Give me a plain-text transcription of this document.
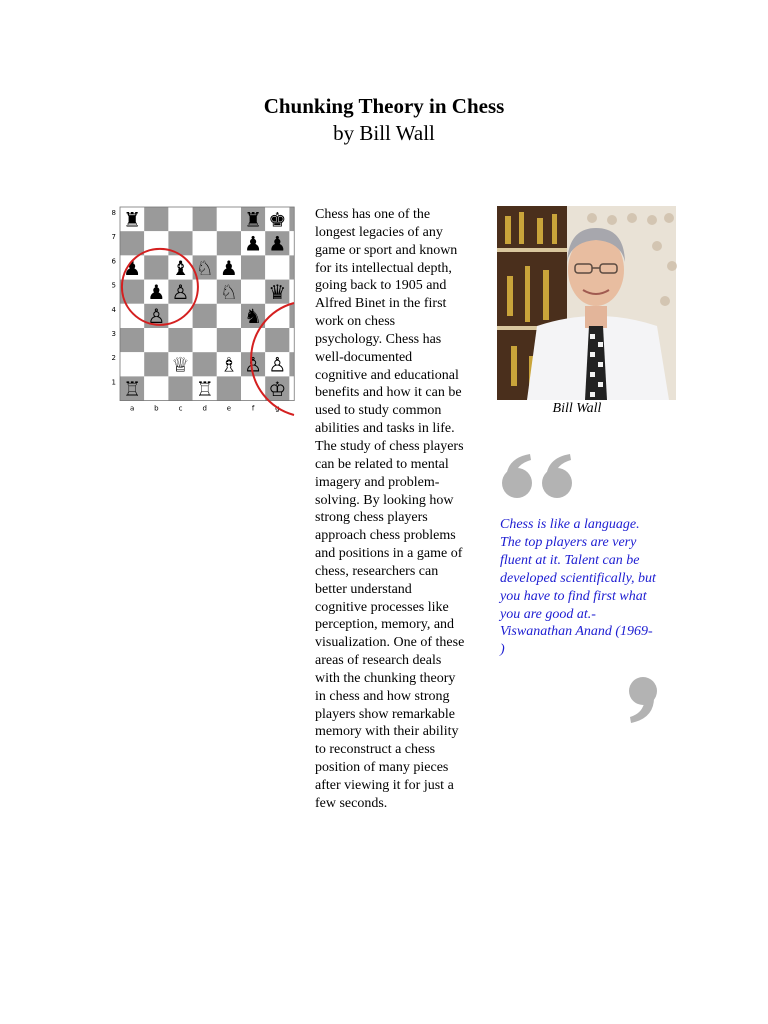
Chunking Theory in Chess
by Bill Wall
8
7
6
5
4
3
2
1
a	b	c	d	e	f	g
♜	♜ ♚
♟ ♟
♟ ♝ ♘ ♟
♟ ♙ ♘ ♛
♙	♞
♕ ♗ ♙ ♙
♖	♖	♔
Chess has one of the longest legacies of any game or sport and known for its intellectual depth, going back to 1905 and Alfred Binet in the first work on chess psychology. Chess has well-documented cognitive and educational benefits and how it can be used to study common abilities and tasks in life. The study of chess players can be related to mental imagery and problem-solving. By looking how strong chess players approach chess problems and positions in a game of chess, researchers can better understand cognitive processes like perception, memory, and visualization. One of these areas of research deals with the chunking theory in chess and how strong players show remarkable memory with their ability to reconstruct a chess position of many pieces after viewing it for just a few seconds.
Bill Wall
Chess is like a language. The top players are very fluent at it. Talent can be developed scientifically, but you have to find first what you are good at.- Viswanathan Anand (1969- )
